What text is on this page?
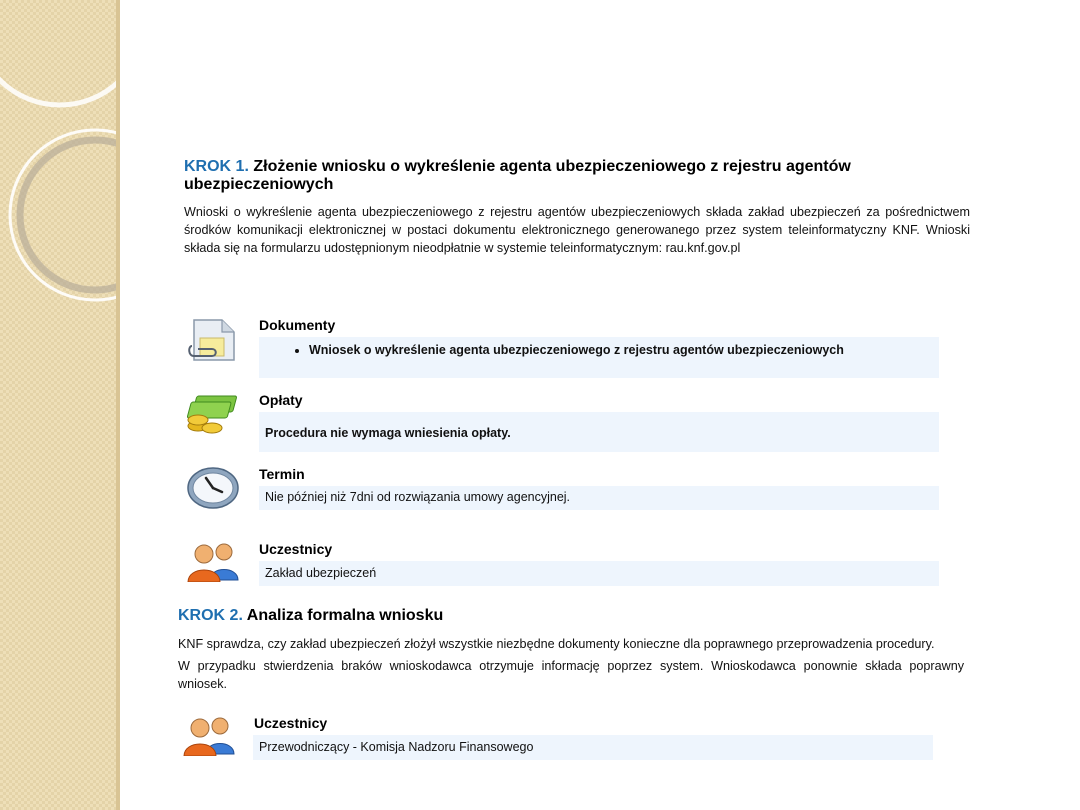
KROK 1. Złożenie wniosku o wykreślenie agenta ubezpieczeniowego z rejestru agentów ubezpieczeniowych

Wnioski o wykreślenie agenta ubezpieczeniowego z rejestru agentów ubezpieczeniowych składa zakład ubezpieczeń za pośrednictwem środków komunikacji elektronicznej w postaci dokumentu elektronicznego generowanego przez system teleinformatyczny KNF. Wnioski składa się na formularzu udostępnionym nieodpłatnie w systemie teleinformatycznym: rau.knf.gov.pl

Dokumenty
• Wniosek o wykreślenie agenta ubezpieczeniowego z rejestru agentów ubezpieczeniowych
Opłaty
Procedura nie wymaga wniesienia opłaty.
Termin
Nie później niż 7dni od rozwiązania umowy agencyjnej.
Uczestnicy
Zakład ubezpieczeń
KROK 2. Analiza formalna wniosku

KNF sprawdza, czy zakład ubezpieczeń złożył wszystkie niezbędne dokumenty konieczne dla poprawnego przeprowadzenia procedury.

W przypadku stwierdzenia braków wnioskodawca otrzymuje informację poprzez system. Wnioskodawca ponownie składa poprawny wniosek.

Uczestnicy
Przewodniczący - Komisja Nadzoru Finansowego
